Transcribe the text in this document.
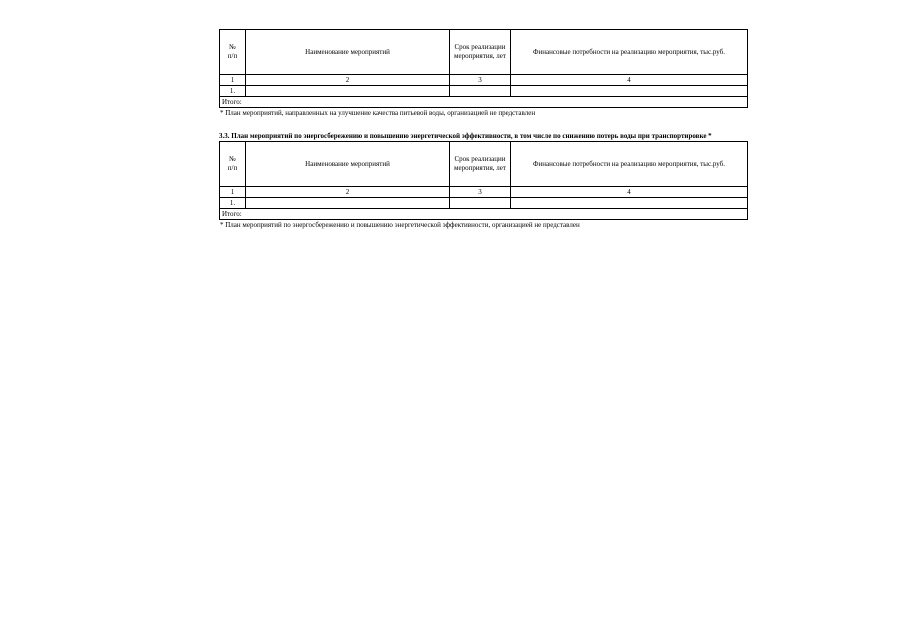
№
п/п	Наименование мероприятий	Срок реализации мероприятия, лет	Финансовые потребности на реализацию мероприятия, тыс.руб.
1	2	3	4
1.			
Итого:			

* План мероприятий, направленных на улучшение качества питьевой воды, организацией не представлен

3.3. План мероприятий по энергосбережению и повышению энергетической эффективности, в том числе по снижению потерь воды при транспортировке *

№
п/п	Наименование мероприятий	Срок реализации мероприятия, лет	Финансовые потребности на реализацию мероприятия, тыс.руб.
1	2	3	4
1.			
Итого:			

* План мероприятий по энергосбережению и повышению энергетической эффективности, организацией не представлен
